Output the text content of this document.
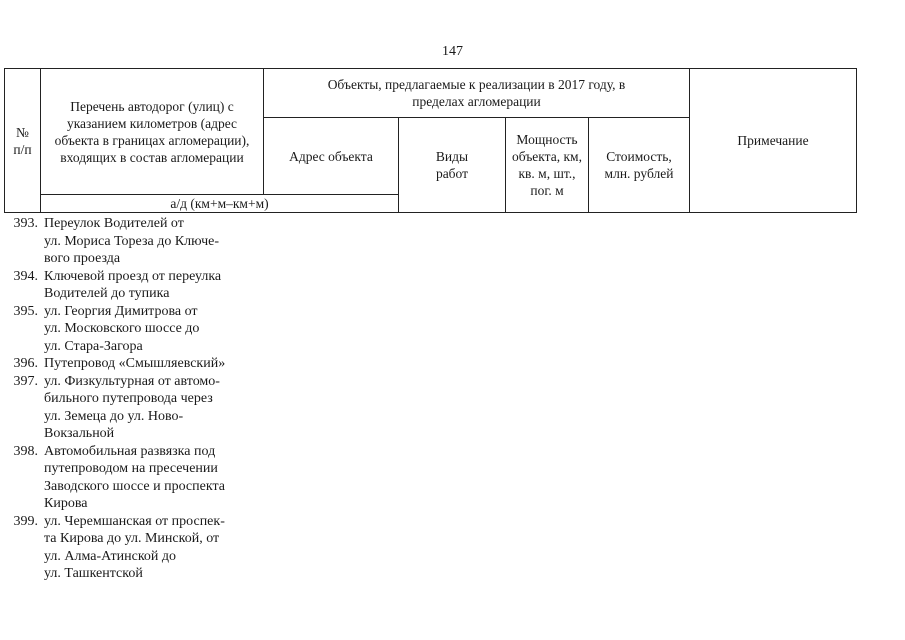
147
№
п/п
Перечень автодорог (улиц) с указанием километров (адрес объекта в границах агломерации), входящих в состав агломерации
а/д (км+м–км+м)
Объекты, предлагаемые к реализации в 2017 году, в пределах агломерации
Адрес объекта	Виды
работ
Мощность объекта, км, кв. м, шт., пог. м
Стоимость, млн. рублей
Примечание
393. Переулок Водителей от
ул. Мориса Тореза до Ключе-
вого проезда
394. Ключевой проезд от переулка
Водителей до тупика
395. ул. Георгия Димитрова от
ул. Московского шоссе до
ул. Стара-Загора
396. Путепровод «Смышляевский»
397. ул. Физкультурная от автомо-
бильного путепровода через
ул. Земеца до ул. Ново-
Вокзальной
398. Автомобильная развязка под
путепроводом на пресечении
Заводского шоссе и проспекта
Кирова
399. ул. Черемшанская от проспек-
та Кирова до ул. Минской, от
ул. Алма-Атинской до
ул. Ташкентской
